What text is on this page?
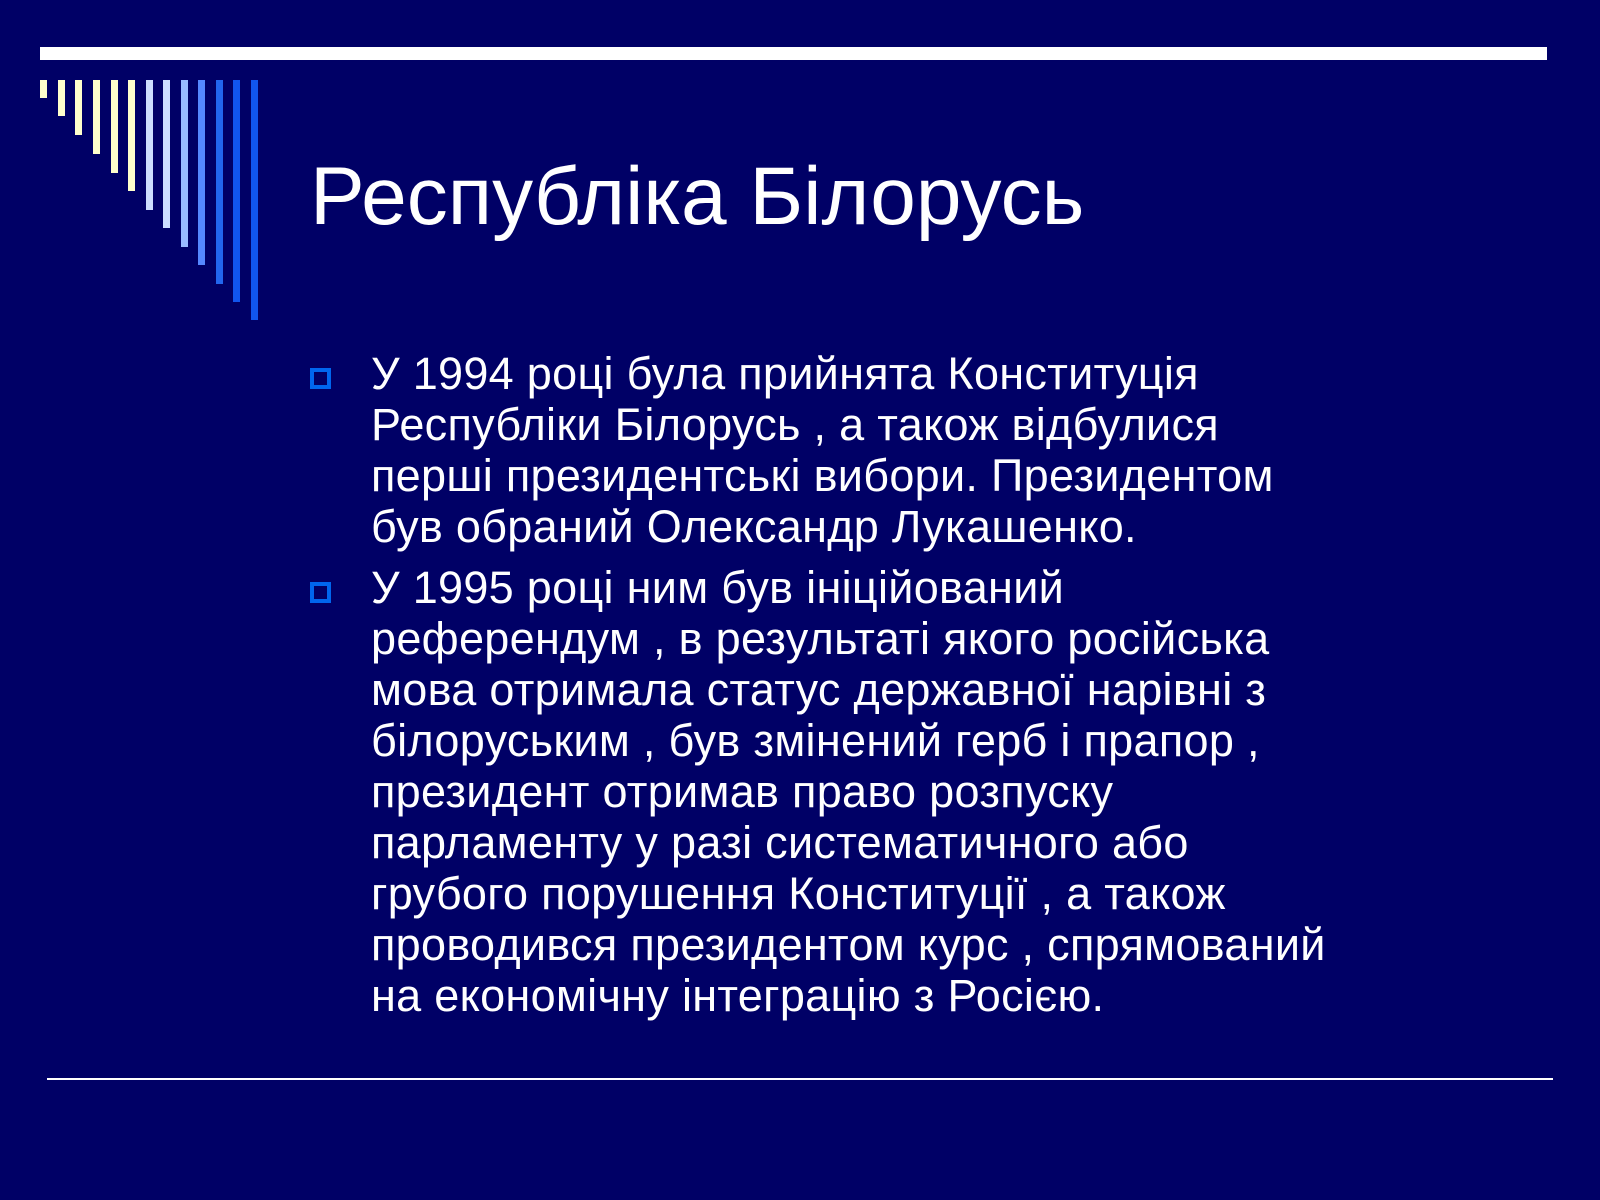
Республіка Білорусь
У 1994 році була прийнята Конституція
Республіки Білорусь , а також відбулися
перші президентські вибори. Президентом
був обраний Олександр Лукашенко.
У 1995 році ним був ініційований
референдум , в результаті якого російська
мова отримала статус державної нарівні з
білоруським , був змінений герб і прапор ,
президент отримав право розпуску
парламенту у разі систематичного або
грубого порушення Конституції , а також
проводився президентом курс , спрямований
на економічну інтеграцію з Росією.
